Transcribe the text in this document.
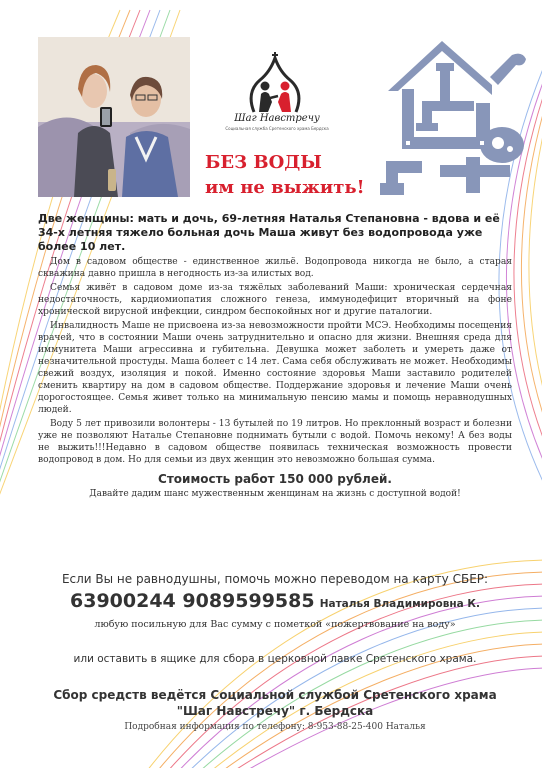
Шаг Навстречу
Социальная служба Сретенского храма Бердска
БЕЗ ВОДЫ
им не выжить!

Две женщины: мать и дочь, 69-летняя Наталья Степановна - вдова и её 34-х летняя тяжело больная дочь Маша живут без водопровода уже более 10 лет.

Дом в садовом обществе - единственное жильё. Водопровода никогда не было, а старая скважина давно пришла в негодность из-за илистых вод.

Семья живёт в садовом доме из-за тяжёлых заболеваний Маши: хроническая сердечная недостаточность, кардиомиопатия сложного генеза, иммунодефицит вторичный на фоне хронической вирусной инфекции, синдром беспокойных ног и другие паталогии.

Инвалидность Маше не присвоена из-за невозможности пройти МСЭ. Необходимы посещения врачей, что в состоянии Маши очень затруднительно и опасно для жизни. Внешняя среда для иммунитета Маши агрессивна и губительна. Девушка может заболеть и умереть даже от незначительной простуды. Маша болеет с 14 лет. Сама себя обслуживать не может. Необходимы свежий воздух, изоляция и покой. Именно состояние здоровья Маши заставило родителей сменить квартиру на дом в садовом обществе. Поддержание здоровья и лечение Маши очень дорогостоящее. Семья живет только на минимальную пенсию мамы и помощь неравнодушных людей.

Воду 5 лет привозили волонтеры - 13 бутылей по 19 литров. Но преклонный возраст и болезни уже не позволяют Наталье Степановне поднимать бутыли с водой. Помочь некому! А без воды не выжить!!!Недавно в садовом обществе появилась техническая возможность провести водопровод в дом. Но для семьи из двух женщин это невозможно большая сумма.

Стоимость работ 150 000 рублей.

Давайте дадим шанс мужественным женщинам на жизнь с доступной водой!

Если Вы не равнодушны, помочь можно переводом на карту СБЕР:
63900244 9089599585 Наталья Владимировна К.
любую посильную для Вас сумму с пометкой «пожертвование на воду»
или оставить в ящике для сбора в церковной лавке Сретенского храма.
Сбор средств ведётся Социальной службой Сретенского храма
"Шаг Навстречу" г. Бердска
Подробная информация по телефону: 8-953-88-25-400 Наталья
